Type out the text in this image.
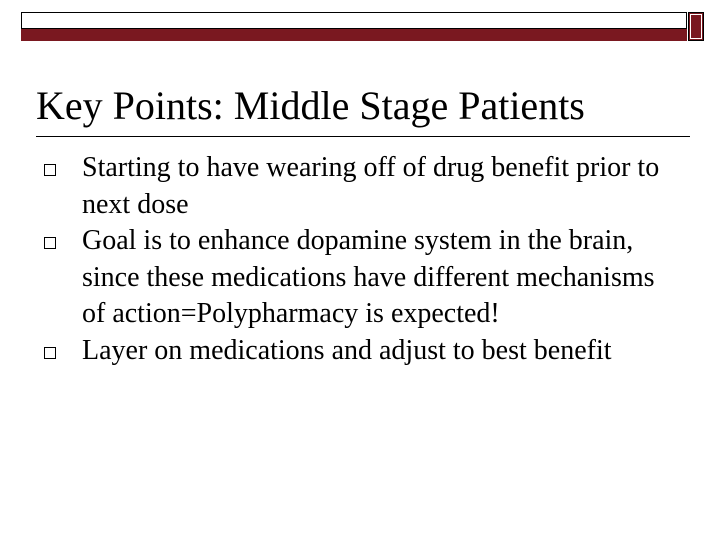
Key Points: Middle Stage Patients
Starting to have wearing off of drug benefit prior to next dose
Goal is to enhance dopamine system in the brain, since these medications have different mechanisms of action=Polypharmacy is expected!
Layer on medications and adjust to best benefit
